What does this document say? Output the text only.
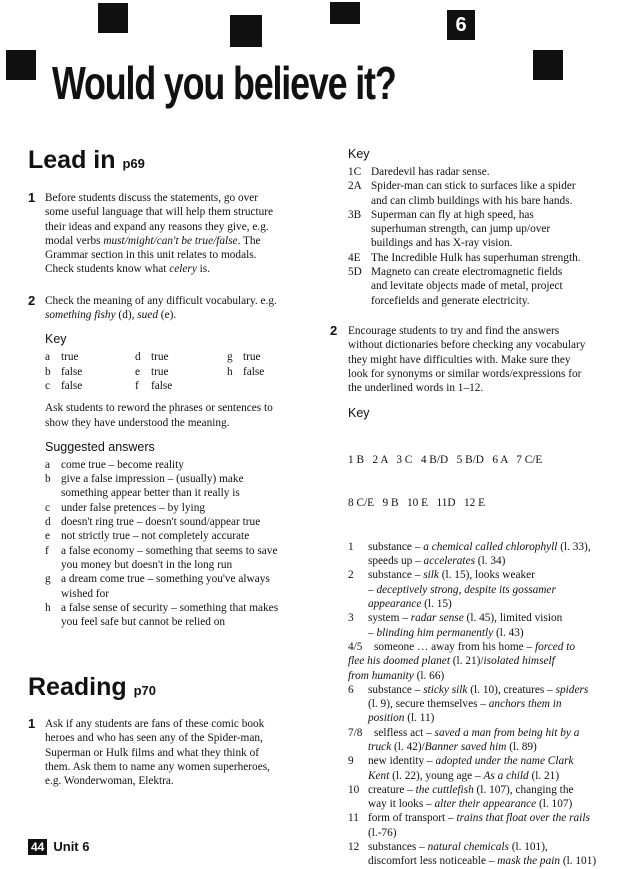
6
Would you believe it?
Lead in p69
1 Before students discuss the statements, go over
some useful language that will help them structure
their ideas and expand any reasons they give, e.g.
modal verbs must/might/can't be true/false. The
Grammar section in this unit relates to modals.
Check students know what celery is.
2 Check the meaning of any difficult vocabulary. e.g.
something fishy (d), sued (e).
Key
a true	d true	g true
b false	e true	h false
c false	f	false
Ask students to reword the phrases or sentences to
show they have understood the meaning.
Suggested answers
a come true – become reality
b give a false impression – (usually) make
something appear better than it really is
c under false pretences – by lying
d doesn't ring true – doesn't sound/appear true
e not strictly true – not completely accurate
f	a false economy – something that seems to save
you money but doesn't in the long run
g a dream come true – something you've always
wished for
h a false sense of security – something that makes
you feel safe but cannot be relied on
Reading p70
1 Ask if any students are fans of these comic book
heroes and who has seen any of the Spider-man,
Superman or Hulk films and what they think of
them. Ask them to name any women superheroes,
e.g. Wonderwoman, Elektra.
Key
1C Daredevil has radar sense.
2A Spider-man can stick to surfaces like a spider
and can climb buildings with his bare hands.
3B Superman can fly at high speed, has
superhuman strength, can jump up/over
buildings and has X-ray vision.
4E The Incredible Hulk has superhuman strength.
5D Magneto can create electromagnetic fields
and levitate objects made of metal, project
forcefields and generate electricity.
2 Encourage students to try and find the answers
without dictionaries before checking any vocabulary
they might have difficulties with. Make sure they
look for synonyms or similar words/expressions for
the underlined words in 1–12.
Key

1 B   2 A   3 C   4 B/D   5 B/D   6 A   7 C/E

8 C/E   9 B   10 E   11D   12 E

1	substance – a chemical called chlorophyll (l. 33),
speeds up – accelerates (l. 34)
2	substance – silk (l. 15), looks weaker
– deceptively strong, despite its gossamer
appearance (l. 15)
3	system – radar sense (l. 45), limited vision
– blinding him permanently (l. 43)
4/5	someone … away from his home – forced to
flee his doomed planet (l. 21)/isolated himself
from humanity (l. 66)
6	substance – sticky silk (l. 10), creatures – spiders
(l. 9), secure themselves – anchors them in
position (l. 11)
7/8	selfless act – saved a man from being hit by a
truck (l. 42)/Banner saved him (l. 89)
9	new identity – adopted under the name Clark
Kent (l. 22), young age – As a child (l. 21)
10 creature – the cuttlefish (l. 107), changing the
way it looks – alter their appearance (l. 107)
11 form of transport – trains that float over the rails
(l.-76)
12 substances – natural chemicals (l. 101),
discomfort less noticeable – mask the pain (l. 101)
44 Unit 6
